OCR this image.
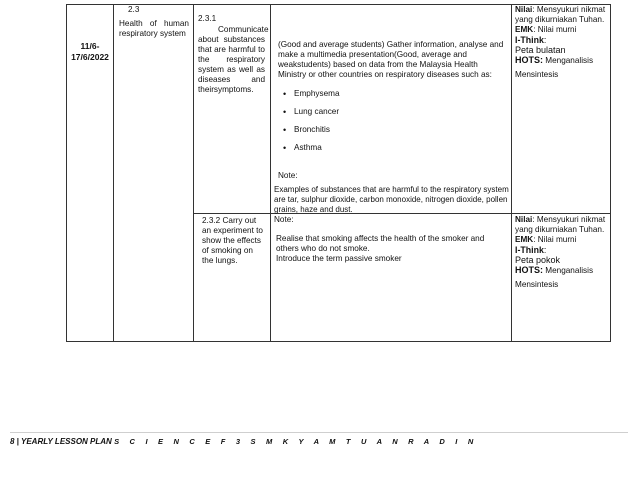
11/6-
17/6/2022
2.3
Health of human respiratory system
2.3.1
Communicate about substances that are harmful to the respiratory system as well as diseases and theirsymptoms.
(Good and average students) Gather information, analyse and make a multimedia presentation(Good, average and weakstudents) based on data from the Malaysia Health Ministry or other countries on respiratory diseases such as:
• Emphysema
• Lung cancer
• Bronchitis
• Asthma
Note:
Examples of substances that are harmful to the respiratory system are tar, sulphur dioxide, carbon monoxide, nitrogen dioxide, pollen grains, haze and dust.
Nilai: Mensyukuri nikmat yang dikurniakan Tuhan.
EMK: Nilai murni
I-Think:
Peta bulatan
HOTS: Menganalisis
Mensintesis
2.3.2 Carry out an experiment to show the effects of smoking on the lungs.
Note:
Realise that smoking affects the health of the smoker and others who do not smoke.
Introduce the term passive smoker
Nilai: Mensyukuri nikmat yang dikurniakan Tuhan.
EMK: Nilai murni
I-Think:
Peta pokok
HOTS: Menganalisis
Mensintesis
8 | YEARLY LESSON PLAN S C I E N C E F 3 S M K Y A M T U A N R A D I N
